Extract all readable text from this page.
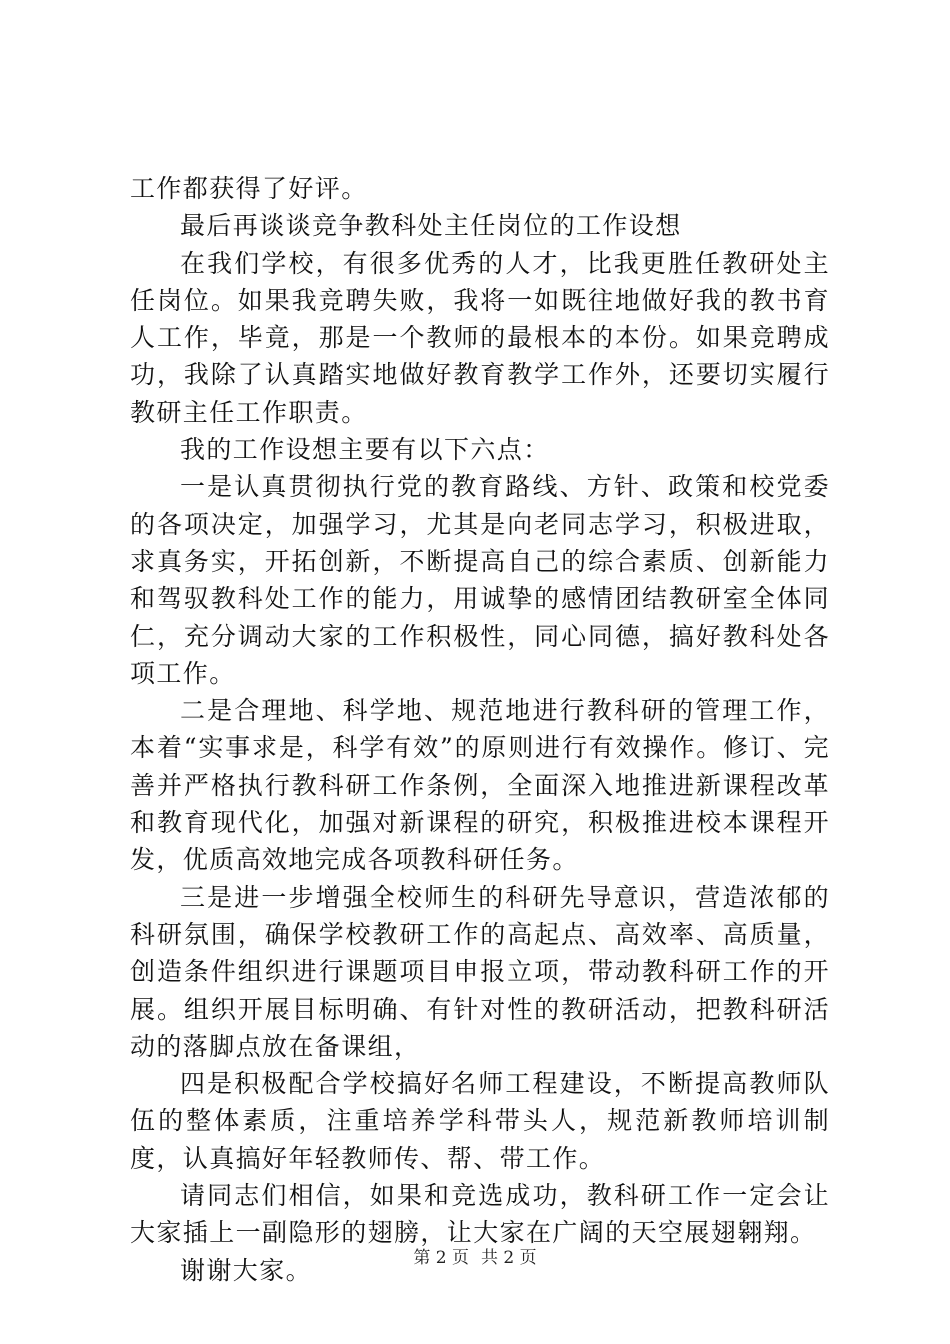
工作都获得了好评。

最后再谈谈竞争教科处主任岗位的工作设想

在我们学校，有很多优秀的人才，比我更胜任教研处主任岗位。如果我竞聘失败，我将一如既往地做好我的教书育人工作，毕竟，那是一个教师的最根本的本份。如果竞聘成功，我除了认真踏实地做好教育教学工作外，还要切实履行教研主任工作职责。

我的工作设想主要有以下六点：

一是认真贯彻执行党的教育路线、方针、政策和校党委的各项决定，加强学习，尤其是向老同志学习，积极进取，求真务实，开拓创新，不断提高自己的综合素质、创新能力和驾驭教科处工作的能力，用诚挚的感情团结教研室全体同仁，充分调动大家的工作积极性，同心同德，搞好教科处各项工作。

二是合理地、科学地、规范地进行教科研的管理工作，本着“实事求是，科学有效”的原则进行有效操作。修订、完善并严格执行教科研工作条例，全面深入地推进新课程改革和教育现代化，加强对新课程的研究，积极推进校本课程开发，优质高效地完成各项教科研任务。

三是进一步增强全校师生的科研先导意识，营造浓郁的科研氛围，确保学校教研工作的高起点、高效率、高质量，创造条件组织进行课题项目申报立项，带动教科研工作的开展。组织开展目标明确、有针对性的教研活动，把教科研活动的落脚点放在备课组，

四是积极配合学校搞好名师工程建设，不断提高教师队伍的整体素质，注重培养学科带头人，规范新教师培训制度，认真搞好年轻教师传、帮、带工作。

请同志们相信，如果和竞选成功，教科研工作一定会让大家插上一副隐形的翅膀，让大家在广阔的天空展翅翱翔。

谢谢大家。	第 2 页 共 2 页
